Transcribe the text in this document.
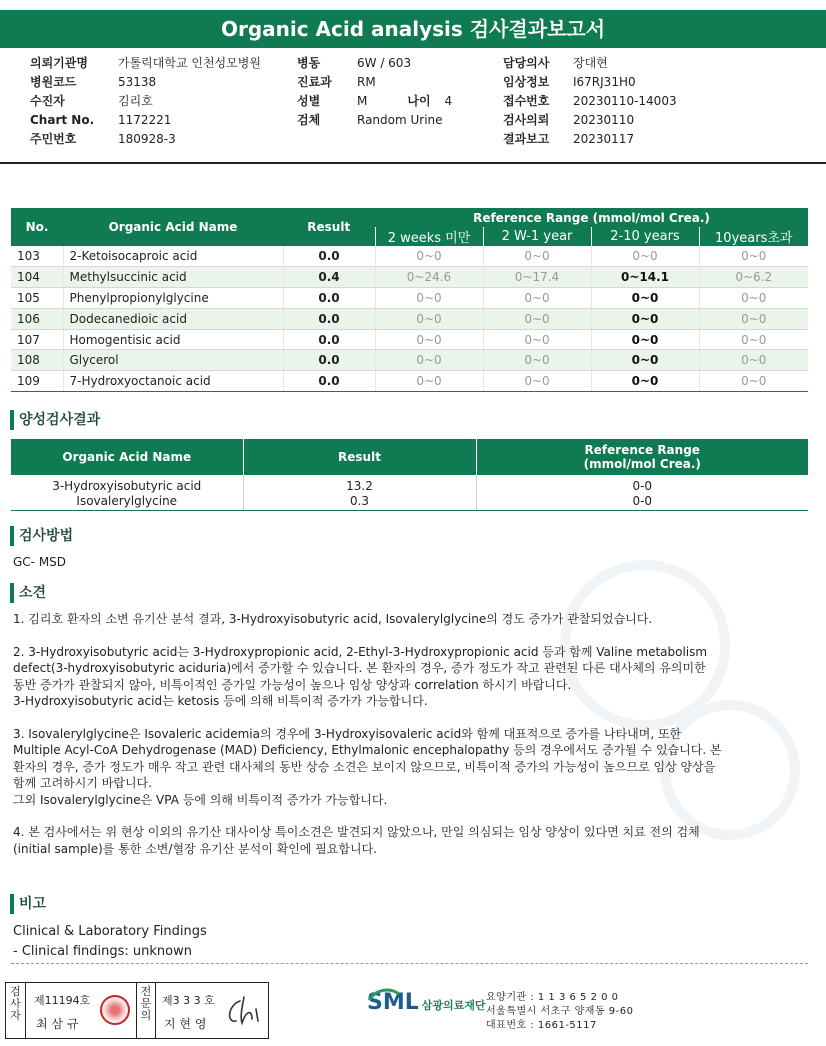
Organic Acid analysis 검사결과보고서
의뢰기관명	가톨릭대학교 인천성모병원
병원코드	53138
수진자	김리호
Chart No. 1172221
주민번호	180928-3
병동	6W / 603
진료과 RM
성별	M	나이 4
검체	Random Urine
담당의사 장대현
임상정보 I67RJ31H0
접수번호 20230110-14003
검사의뢰 20230110
결과보고 20230117
No.	Organic Acid Name	Result	Reference Range (mmol/mol Crea.)			
			2 weeks 미만	2 W-1 year	2-10 years	10years초과
103	2-Ketoisocaproic acid	0.0	0~0	0~0	0~0	0~0
104	Methylsuccinic acid	0.4	0~24.6	0~17.4	0~14.1	0~6.2
105	Phenylpropionylglycine	0.0	0~0	0~0	0~0	0~0
106	Dodecanedioic acid	0.0	0~0	0~0	0~0	0~0
107	Homogentisic acid	0.0	0~0	0~0	0~0	0~0
108	Glycerol	0.0	0~0	0~0	0~0	0~0
109	7-Hydroxyoctanoic acid	0.0	0~0	0~0	0~0	0~0
양성검사결과
Organic Acid Name	Result	Reference Range
(mmol/mol Crea.)

3-Hydroxyisobutyric acid	13.2	0-0
Isovalerylglycine	0.3	0-0
검사방법
GC- MSD
소견
1. 김리호 환자의 소변 유기산 분석 결과, 3-Hydroxyisobutyric acid, Isovalerylglycine의 경도 증가가 관찰되었습니다.
2. 3-Hydroxyisobutyric acid는 3-Hydroxypropionic acid, 2-Ethyl-3-Hydroxypropionic acid 등과 함께 Valine metabolism
defect(3-hydroxyisobutyric aciduria)에서 증가할 수 있습니다. 본 환자의 경우, 증가 정도가 작고 관련된 다른 대사체의 유의미한
동반 증가가 관찰되지 않아, 비특이적인 증가일 가능성이 높으나 임상 양상과 correlation 하시기 바랍니다.
3-Hydroxyisobutyric acid는 ketosis 등에 의해 비특이적 증가가 가능합니다.
3. Isovalerylglycine은 Isovaleric acidemia의 경우에 3-Hydroxyisovaleric acid와 함께 대표적으로 증가를 나타내며, 또한
Multiple Acyl-CoA Dehydrogenase (MAD) Deficiency, Ethylmalonic encephalopathy 등의 경우에서도 증가될 수 있습니다. 본
환자의 경우, 증가 정도가 매우 작고 관련 대사체의 동반 상승 소견은 보이지 않으므로, 비특이적 증가의 가능성이 높으므로 임상 양상을
함께 고려하시기 바랍니다.
그외 Isovalerylglycine은 VPA 등에 의해 비특이적 증가가 가능합니다.
4. 본 검사에서는 위 현상 이외의 유기산 대사이상 특이소견은 발견되지 않았으나, 만일 의심되는 임상 양상이 있다면 치료 전의 검체
(initial sample)를 통한 소변/혈장 유기산 분석이 확인에 필요합니다.
비고
Clinical & Laboratory Findings
- Clinical findings: unknown
검
사
자
제11194호
최 삼 규
전
문
의
제3 3 3 호
지 현 영
SML 삼광의료재단
요양기관 : 1 1 3 6 5 2 0 0
서울특별시 서초구 양재동 9-60
대표번호 : 1661-5117
